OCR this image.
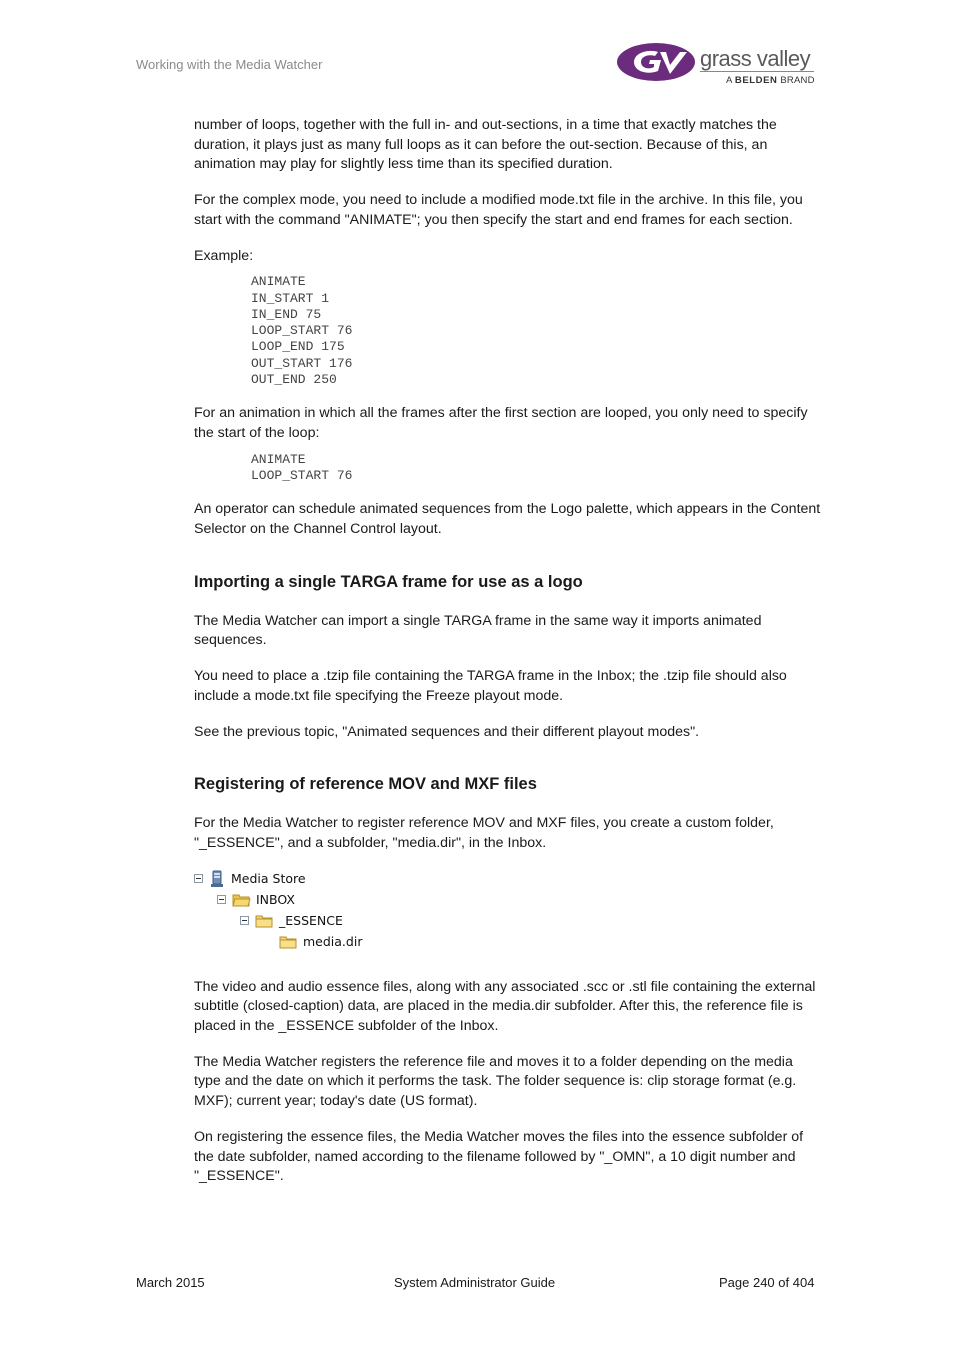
Working with the Media Watcher	grass valley
A BELDEN BRAND

number of loops, together with the full in- and out-sections, in a time that exactly matches the duration, it plays just as many full loops as it can before the out-section. Because of this, an animation may play for slightly less time than its specified duration.

For the complex mode, you need to include a modified mode.txt file in the archive. In this file, you start with the command "ANIMATE"; you then specify the start and end frames for each section.

Example:

ANIMATE
IN_START 1
IN_END 75
LOOP_START 76
LOOP_END 175
OUT_START 176
OUT_END 250

For an animation in which all the frames after the first section are looped, you only need to specify the start of the loop:

ANIMATE
LOOP_START 76

An operator can schedule animated sequences from the Logo palette, which appears in the Content Selector on the Channel Control layout.

Importing a single TARGA frame for use as a logo

The Media Watcher can import a single TARGA frame in the same way it imports animated sequences.

You need to place a .tzip file containing the TARGA frame in the Inbox; the .tzip file should also include a mode.txt file specifying the Freeze playout mode.

See the previous topic, "Animated sequences and their different playout modes".

Registering of reference MOV and MXF files

For the Media Watcher to register reference MOV and MXF files, you create a custom folder, "_ESSENCE", and a subfolder, "media.dir", in the Inbox.

Media Store
INBOX
_ESSENCE
media.dir

The video and audio essence files, along with any associated .scc or .stl file containing the external subtitle (closed-caption) data, are placed in the media.dir subfolder. After this, the reference file is placed in the _ESSENCE subfolder of the Inbox.

The Media Watcher registers the reference file and moves it to a folder depending on the media type and the date on which it performs the task. The folder sequence is: clip storage format (e.g. MXF); current year; today's date (US format).

On registering the essence files, the Media Watcher moves the files into the essence subfolder of the date subfolder, named according to the filename followed by "_OMN", a 10 digit number and "_ESSENCE".

March 2015	System Administrator Guide	Page 240 of 404
